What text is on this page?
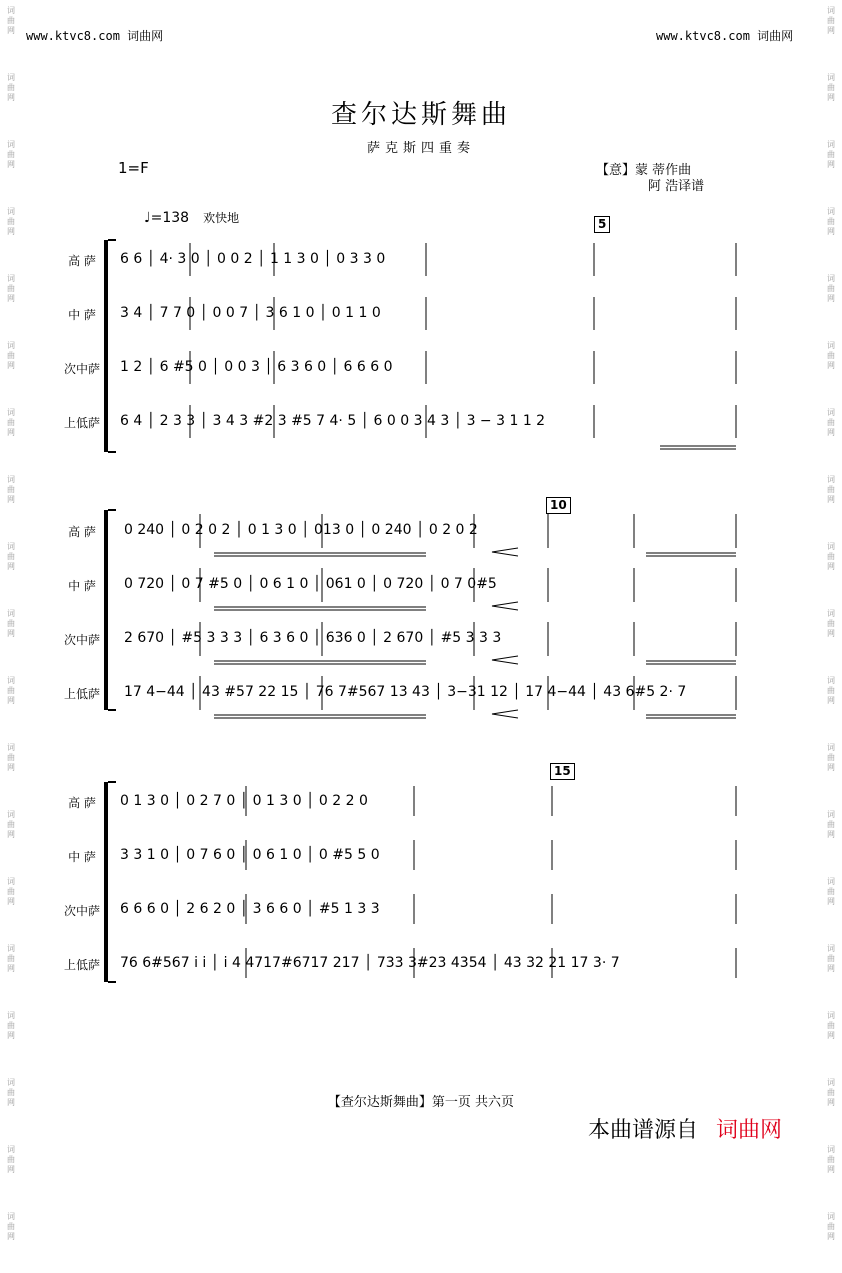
词
曲
网
词
曲
网
词
曲
网
词
曲
网
词
曲
网
词
曲
网
词
曲
网
词
曲
网
词
曲
网
词
曲
网
词
曲
网
词
曲
网
词
曲
网
词
曲
网
词
曲
网
词
曲
网
词
曲
网
词
曲
网
词
曲
网
词
曲
网
词
曲
网
词
曲
网
词
曲
网
词
曲
网
词
曲
网
词
曲
网
词
曲
网
词
曲
网
词
曲
网
词
曲
网
词
曲
网
词
曲
网
词
曲
网
词
曲
网
词
曲
网
词
曲
网
词
曲
网
词
曲
网
www.ktvc8.com 词曲网	www.ktvc8.com 词曲网
查尔达斯舞曲
萨克斯四重奏
1=F	【意】蒙 蒂作曲
阿 浩译谱
♩=138 欢快地	5
10
15
高 萨
中 萨
次中萨
上低萨
6 6 │ 4· 3 0 │ 0 0 2 │ 1 1 3 0 │ 0 3 3 0
3 4 │ 7 7 0 │ 0 0 7 │ 3 6 1 0 │ 0 1 1 0
1 2 │ 6 #5 0 │ 0 0 3 │ 6 3 6 0 │ 6 6 6 0
6 4 │ 2 3 3 │ 3 4 3 #2 3 #5 7 4· 5 │ 6 0 0 3 4 3 │ 3 − 3 1 1 2
高 萨
中 萨
次中萨
上低萨
0 240 │ 0 2 0 2 │ 0 1 3 0 │ 013 0 │ 0 240 │ 0 2 0 2
0 720 │ 0 7 #5 0 │ 0 6 1 0 │ 061 0 │ 0 720 │ 0 7 0#5
2 670 │ #5 3 3 3 │ 6 3 6 0 │ 636 0 │ 2 670 │ #5 3 3 3
17 4−44 │ 43 #57 22 15 │ 76 7#567 13 43 │ 3−31 12 │ 17 4−44 │ 43 6#5 2· 7
高 萨
中 萨
次中萨
上低萨
0 1 3 0 │ 0 2 7 0 │ 0 1 3 0 │ 0 2 2 0
3 3 1 0 │ 0 7 6 0 │ 0 6 1 0 │ 0 #5 5 0
6 6 6 0 │ 2 6 2 0 │ 3 6 6 0 │ #5 1 3 3
76 6#567 i i │ i 4 4717#6717 217 │ 733 3#23 4354 │ 43 32 21 17 3· 7
【查尔达斯舞曲】第一页 共六页
本曲谱源自 词曲网
